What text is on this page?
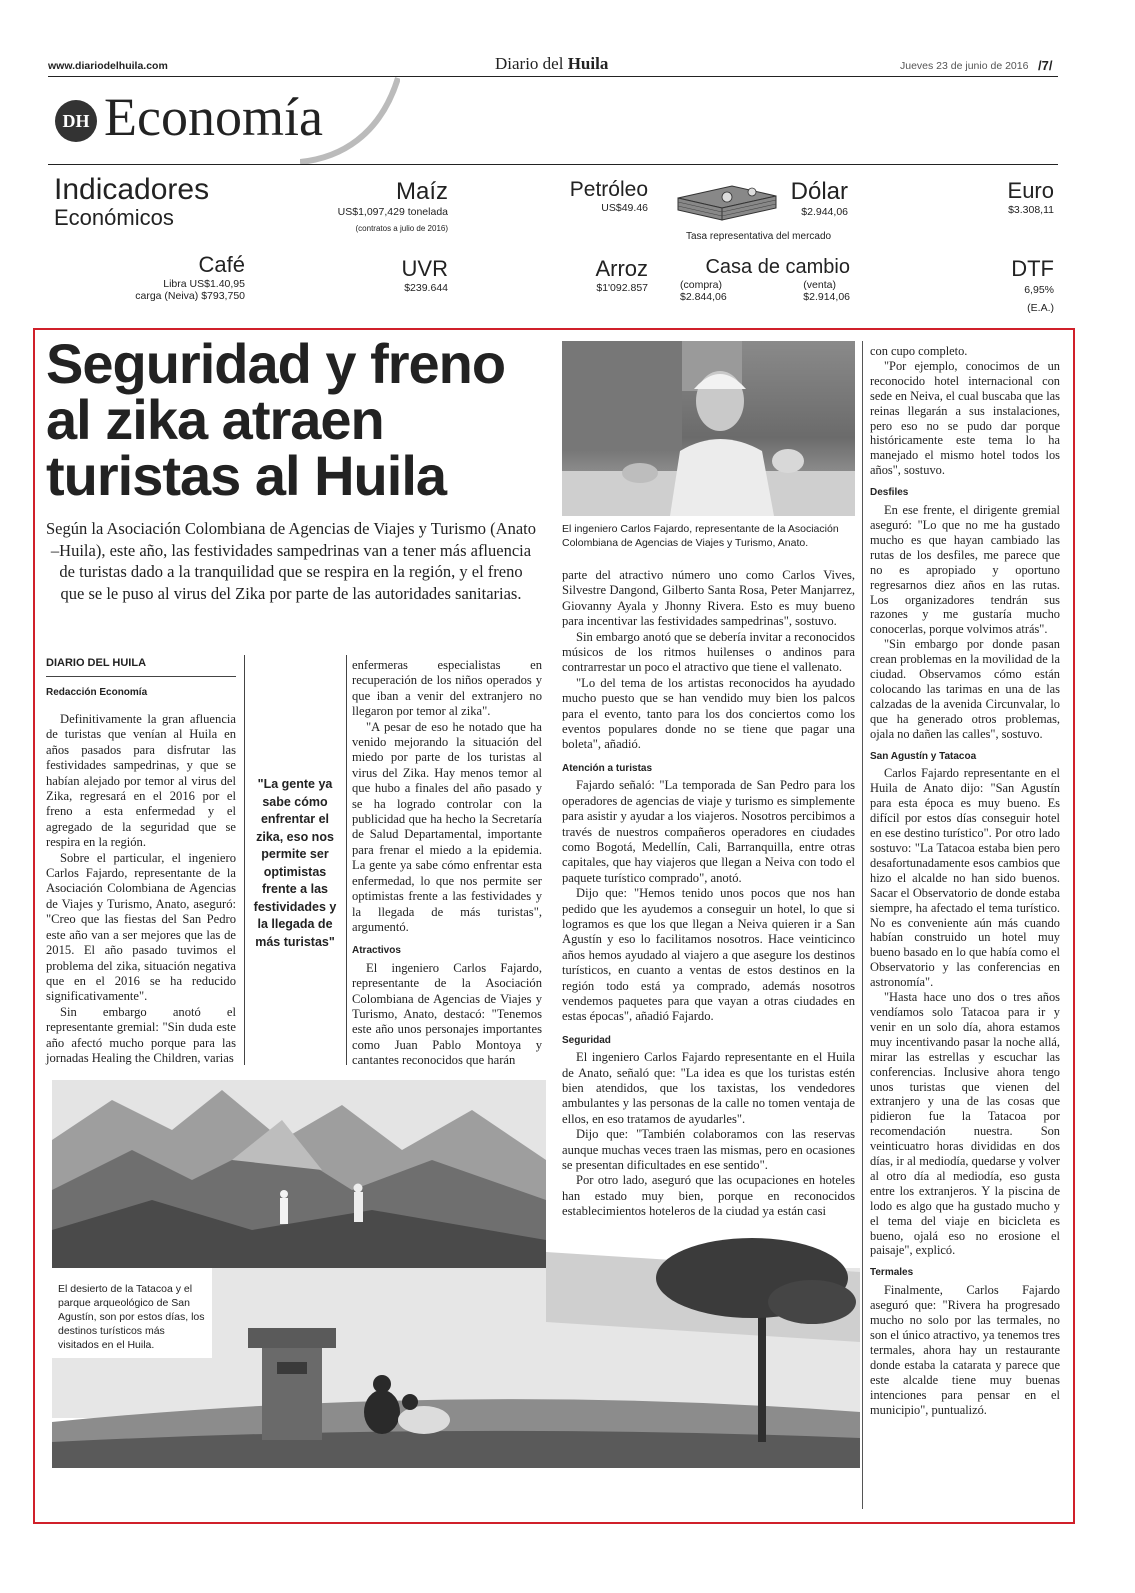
www.diariodelhuila.com	Diario del Huila	Jueves 23 de junio de 2016 /7/
DH Economía
Indicadores
Económicos
Maíz
US$1,097,429 tonelada
(contratos a julio de 2016)
Petróleo
US$49.46
Dólar
$2.944,06
Tasa representativa del mercado
Euro
$3.308,11
Café
Libra US$1.40,95
carga (Neiva) $793,750
UVR
$239.644
Arroz
$1'092.857
Casa de cambio
(compra)
$2.844,06
(venta)
$2.914,06
DTF
6,95%
(E.A.)
Seguridad y freno
al zika atraen
turistas al Huila
Según la Asociación Colombiana de Agencias de Viajes y Turismo (Anato –Huila), este año, las festividades sampedrinas van a tener más afluencia de turistas dado a la tranquilidad que se respira en la región, y el freno que se le puso al virus del Zika por parte de las autoridades sanitarias.
DIARIO DEL HUILA
Redacción Economía

Definitivamente la gran afluencia de turistas que venían al Huila en años pasados para disfrutar las festividades sampedrinas, y que se habían alejado por temor al virus del Zika, regresará en el 2016 por el freno a esta enfermedad y el agregado de la seguridad que se respira en la región.

Sobre el particular, el ingeniero Carlos Fajardo, representante de la Asociación Colombiana de Agencias de Viajes y Turismo, Anato, aseguró: "Creo que las fiestas del San Pedro este año van a ser mejores que las de 2015. El año pasado tuvimos el problema del zika, situación negativa que en el 2016 se ha reducido significativamente".

Sin embargo anotó el representante gremial: "Sin duda este año afectó mucho porque para las jornadas Healing the Children, varias

"La gente ya sabe cómo enfrentar el zika, eso nos permite ser optimistas frente a las festividades y la llegada de más turistas"

enfermeras especialistas en recuperación de los niños operados y que iban a venir del extranjero no llegaron por temor al zika".

"A pesar de eso he notado que ha venido mejorando la situación del miedo por parte de los turistas al virus del Zika. Hay menos temor al que hubo a finales del año pasado y se ha logrado controlar con la publicidad que ha hecho la Secretaría de Salud Departamental, importante para frenar el miedo a la epidemia. La gente ya sabe cómo enfrentar esta enfermedad, lo que nos permite ser optimistas frente a las festividades y la llegada de más turistas", argumentó.

Atractivos

El ingeniero Carlos Fajardo, representante de la Asociación Colombiana de Agencias de Viajes y Turismo, Anato, destacó: "Tenemos este año unos personajes importantes como Juan Pablo Montoya y cantantes reconocidos que harán

El ingeniero Carlos Fajardo, representante de la Asociación Colombiana de Agencias de Viajes y Turismo, Anato.

parte del atractivo número uno como Carlos Vives, Silvestre Dangond, Gilberto Santa Rosa, Peter Manjarrez, Giovanny Ayala y Jhonny Rivera. Esto es muy bueno para incentivar las festividades sampedrinas", sostuvo.

Sin embargo anotó que se debería invitar a reconocidos músicos de los ritmos huilenses o andinos para contrarrestar un poco el atractivo que tiene el vallenato.

"Lo del tema de los artistas reconocidos ha ayudado mucho puesto que se han vendido muy bien los palcos para el evento, tanto para los dos conciertos como los eventos populares donde no se tiene que pagar una boleta", añadió.

Atención a turistas

Fajardo señaló: "La temporada de San Pedro para los operadores de agencias de viaje y turismo es simplemente para asistir y ayudar a los viajeros. Nosotros percibimos a través de nuestros compañeros operadores en ciudades como Bogotá, Medellín, Cali, Barranquilla, entre otras capitales, que hay viajeros que llegan a Neiva con todo el paquete turístico comprado", anotó.

Dijo que: "Hemos tenido unos pocos que nos han pedido que les ayudemos a conseguir un hotel, lo que si logramos es que los que llegan a Neiva quieren ir a San Agustín y eso lo facilitamos nosotros. Hace veinticinco años hemos ayudado al viajero a que asegure los destinos turísticos, en cuanto a ventas de estos destinos en la región todo está ya comprado, además nosotros vendemos paquetes para que vayan a otras ciudades en estas épocas", añadió Fajardo.

Seguridad

El ingeniero Carlos Fajardo representante en el Huila de Anato, señaló que: "La idea es que los turistas estén bien atendidos, que los taxistas, los vendedores ambulantes y las personas de la calle no tomen ventaja de ellos, en eso tratamos de ayudarles".

Dijo que: "También colaboramos con las reservas aunque muchas veces traen las mismas, pero en ocasiones se presentan dificultades en ese sentido".

Por otro lado, aseguró que las ocupaciones en hoteles han estado muy bien, porque en reconocidos establecimientos hoteleros de la ciudad ya están casi

con cupo completo.

"Por ejemplo, conocimos de un reconocido hotel internacional con sede en Neiva, el cual buscaba que las reinas llegarán a sus instalaciones, pero eso no se pudo dar porque históricamente este tema lo ha manejado el mismo hotel todos los años", sostuvo.

Desfiles

En ese frente, el dirigente gremial aseguró: "Lo que no me ha gustado mucho es que hayan cambiado las rutas de los desfiles, me parece que no es apropiado y oportuno regresarnos diez años en las rutas. Los organizadores tendrán sus razones y me gustaría mucho conocerlas, porque volvimos atrás".

"Sin embargo por donde pasan crean problemas en la movilidad de la ciudad. Observamos cómo están colocando las tarimas en una de las calzadas de la avenida Circunvalar, lo que ha generado otros problemas, ojala no dañen las calles", sostuvo.

San Agustín y Tatacoa

Carlos Fajardo representante en el Huila de Anato dijo: "San Agustín para esta época es muy bueno. Es difícil por estos días conseguir hotel en ese destino turístico". Por otro lado sostuvo: "La Tatacoa estaba bien pero desafortunadamente esos cambios que hizo el alcalde no han sido buenos. Sacar el Observatorio de donde estaba siempre, ha afectado el tema turístico. No es conveniente aún más cuando habían construido un hotel muy bueno basado en lo que había como el Observatorio y las conferencias en astronomía".

"Hasta hace uno dos o tres años vendíamos solo Tatacoa para ir y venir en un solo día, ahora estamos muy incentivando pasar la noche allá, mirar las estrellas y escuchar las conferencias. Inclusive ahora tengo unos turistas que vienen del extranjero y una de las cosas que pidieron fue la Tatacoa por recomendación nuestra. Son veinticuatro horas divididas en dos días, ir al mediodía, quedarse y volver al otro día al mediodía, eso gusta entre los extranjeros. Y la piscina de lodo es algo que ha gustado mucho y el tema del viaje en bicicleta es bueno, ojalá eso no erosione el paisaje", explicó.

Termales

Finalmente, Carlos Fajardo aseguró que: "Rivera ha progresado mucho no solo por las termales, no son el único atractivo, ya tenemos tres termales, ahora hay un restaurante donde estaba la catarata y parece que este alcalde tiene muy buenas intenciones para pensar en el municipio", puntualizó.

El desierto de la Tatacoa y el parque arqueológico de San Agustín, son por estos días, los destinos turísticos más visitados en el Huila.
